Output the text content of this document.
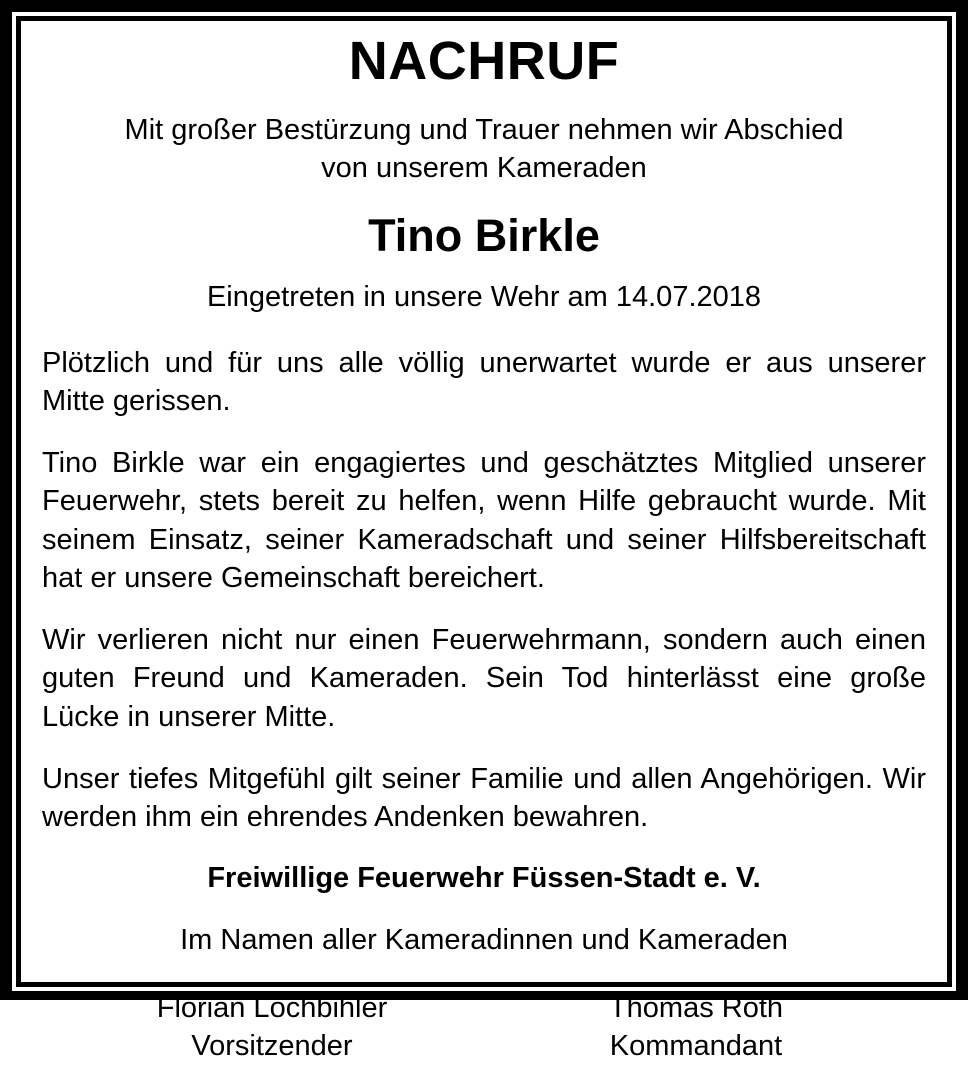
NACHRUF

Mit großer Bestürzung und Trauer nehmen wir Abschied
von unserem Kameraden

Tino Birkle
Eingetreten in unsere Wehr am 14.07.2018

Plötzlich und für uns alle völlig unerwartet wurde er aus unserer Mitte gerissen.

Tino Birkle war ein engagiertes und geschätztes Mitglied unserer Feuerwehr, stets bereit zu helfen, wenn Hilfe gebraucht wurde. Mit seinem Einsatz, seiner Kameradschaft und seiner Hilfsbereitschaft hat er unsere Gemeinschaft bereichert.

Wir verlieren nicht nur einen Feuerwehrmann, sondern auch einen guten Freund und Kameraden. Sein Tod hinterlässt eine große Lücke in unserer Mitte.

Unser tiefes Mitgefühl gilt seiner Familie und allen Angehörigen. Wir werden ihm ein ehrendes Andenken bewahren.

Freiwillige Feuerwehr Füssen-Stadt e. V.
Im Namen aller Kameradinnen und Kameraden
Florian Lochbihler
Vorsitzender
Thomas Roth
Kommandant
